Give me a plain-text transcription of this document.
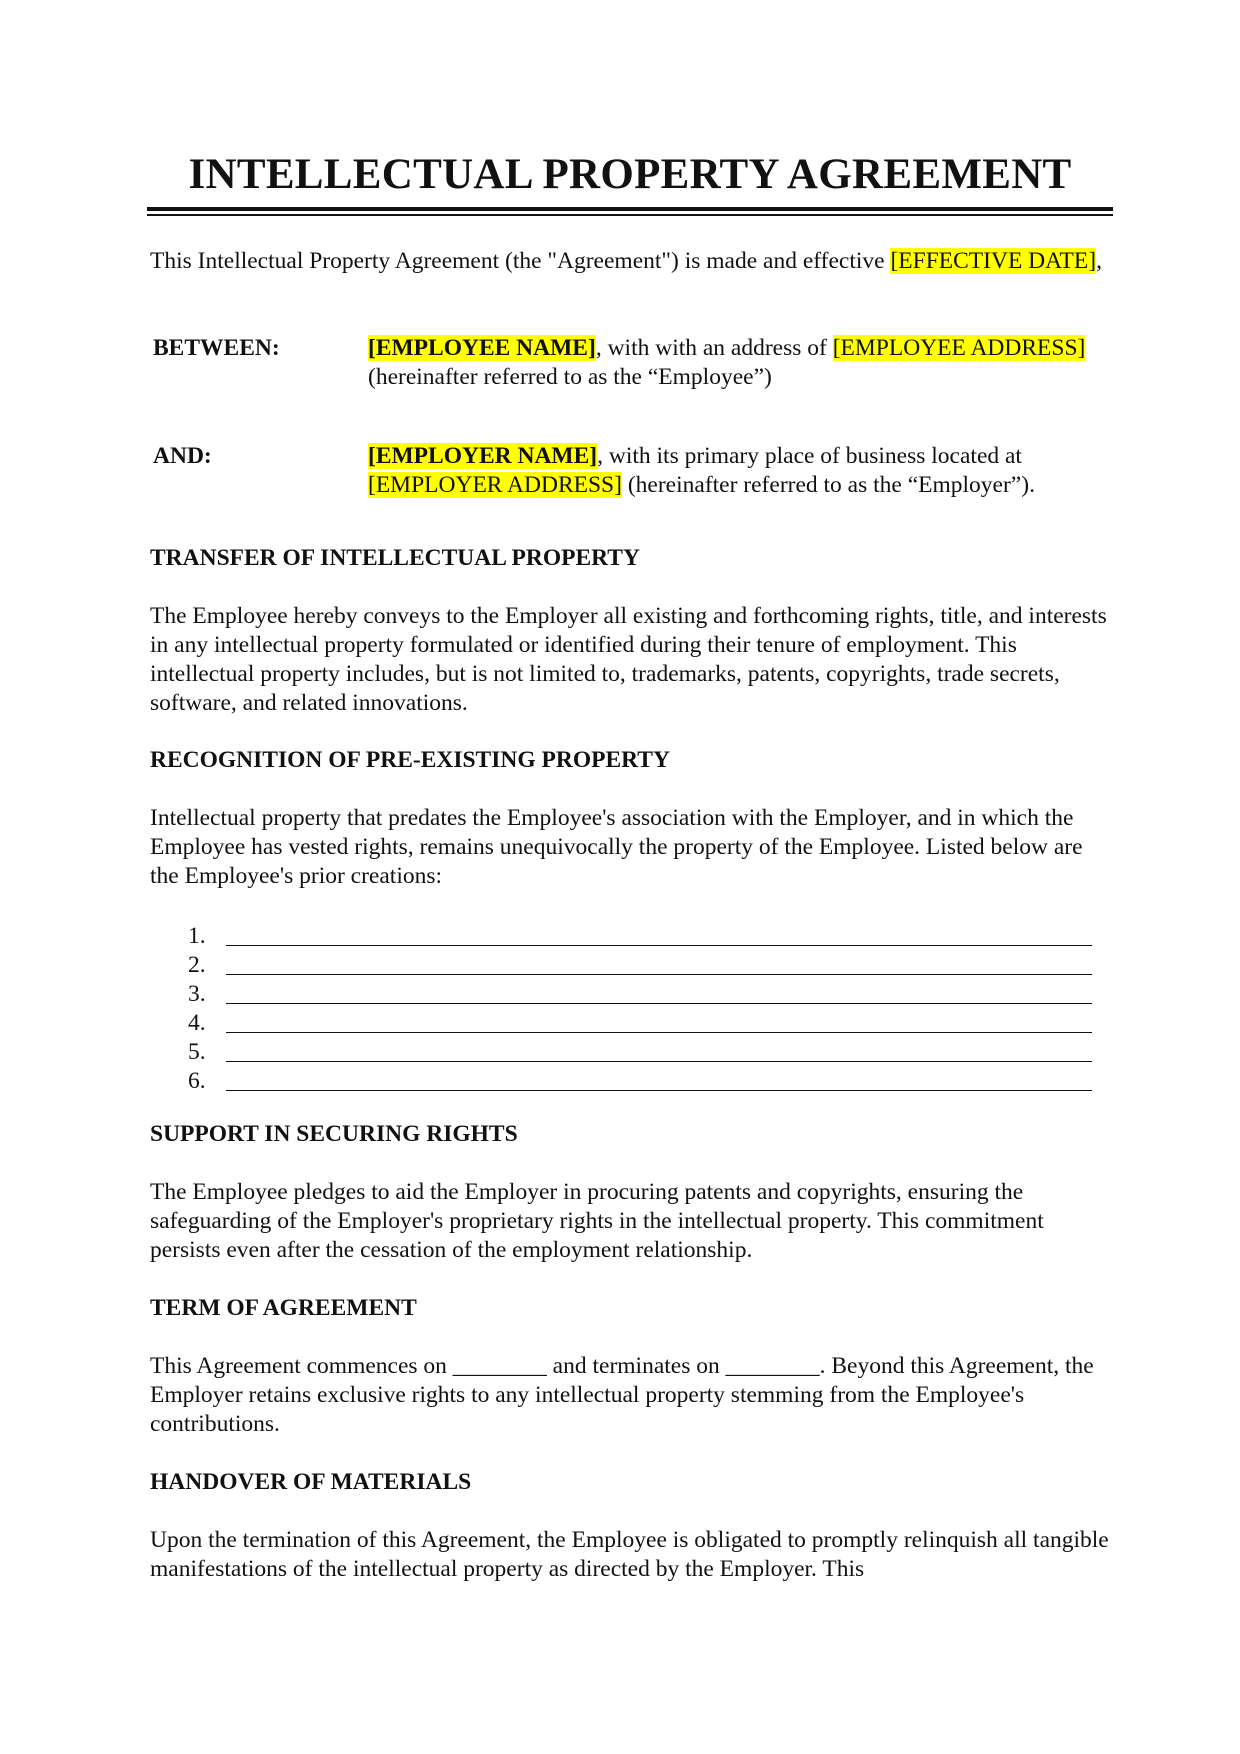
INTELLECTUAL PROPERTY AGREEMENT

This Intellectual Property Agreement (the "Agreement") is made and effective [EFFECTIVE DATE],

BETWEEN:	[EMPLOYEE NAME], with with an address of [EMPLOYEE ADDRESS] (hereinafter referred to as the “Employee”)
AND:	[EMPLOYER NAME], with its primary place of business located at [EMPLOYER ADDRESS] (hereinafter referred to as the “Employer”).
TRANSFER OF INTELLECTUAL PROPERTY

The Employee hereby conveys to the Employer all existing and forthcoming rights, title, and interests in any intellectual property formulated or identified during their tenure of employment. This intellectual property includes, but is not limited to, trademarks, patents, copyrights, trade secrets, software, and related innovations.

RECOGNITION OF PRE-EXISTING PROPERTY

Intellectual property that predates the Employee's association with the Employer, and in which the Employee has vested rights, remains unequivocally the property of the Employee. Listed below are the Employee's prior creations:

1.
2.
3.
4.
5.
6.
SUPPORT IN SECURING RIGHTS

The Employee pledges to aid the Employer in procuring patents and copyrights, ensuring the safeguarding of the Employer's proprietary rights in the intellectual property. This commitment persists even after the cessation of the employment relationship.

TERM OF AGREEMENT

This Agreement commences on ________ and terminates on ________. Beyond this Agreement, the Employer retains exclusive rights to any intellectual property stemming from the Employee's contributions.

HANDOVER OF MATERIALS

Upon the termination of this Agreement, the Employee is obligated to promptly relinquish all tangible manifestations of the intellectual property as directed by the Employer. This
